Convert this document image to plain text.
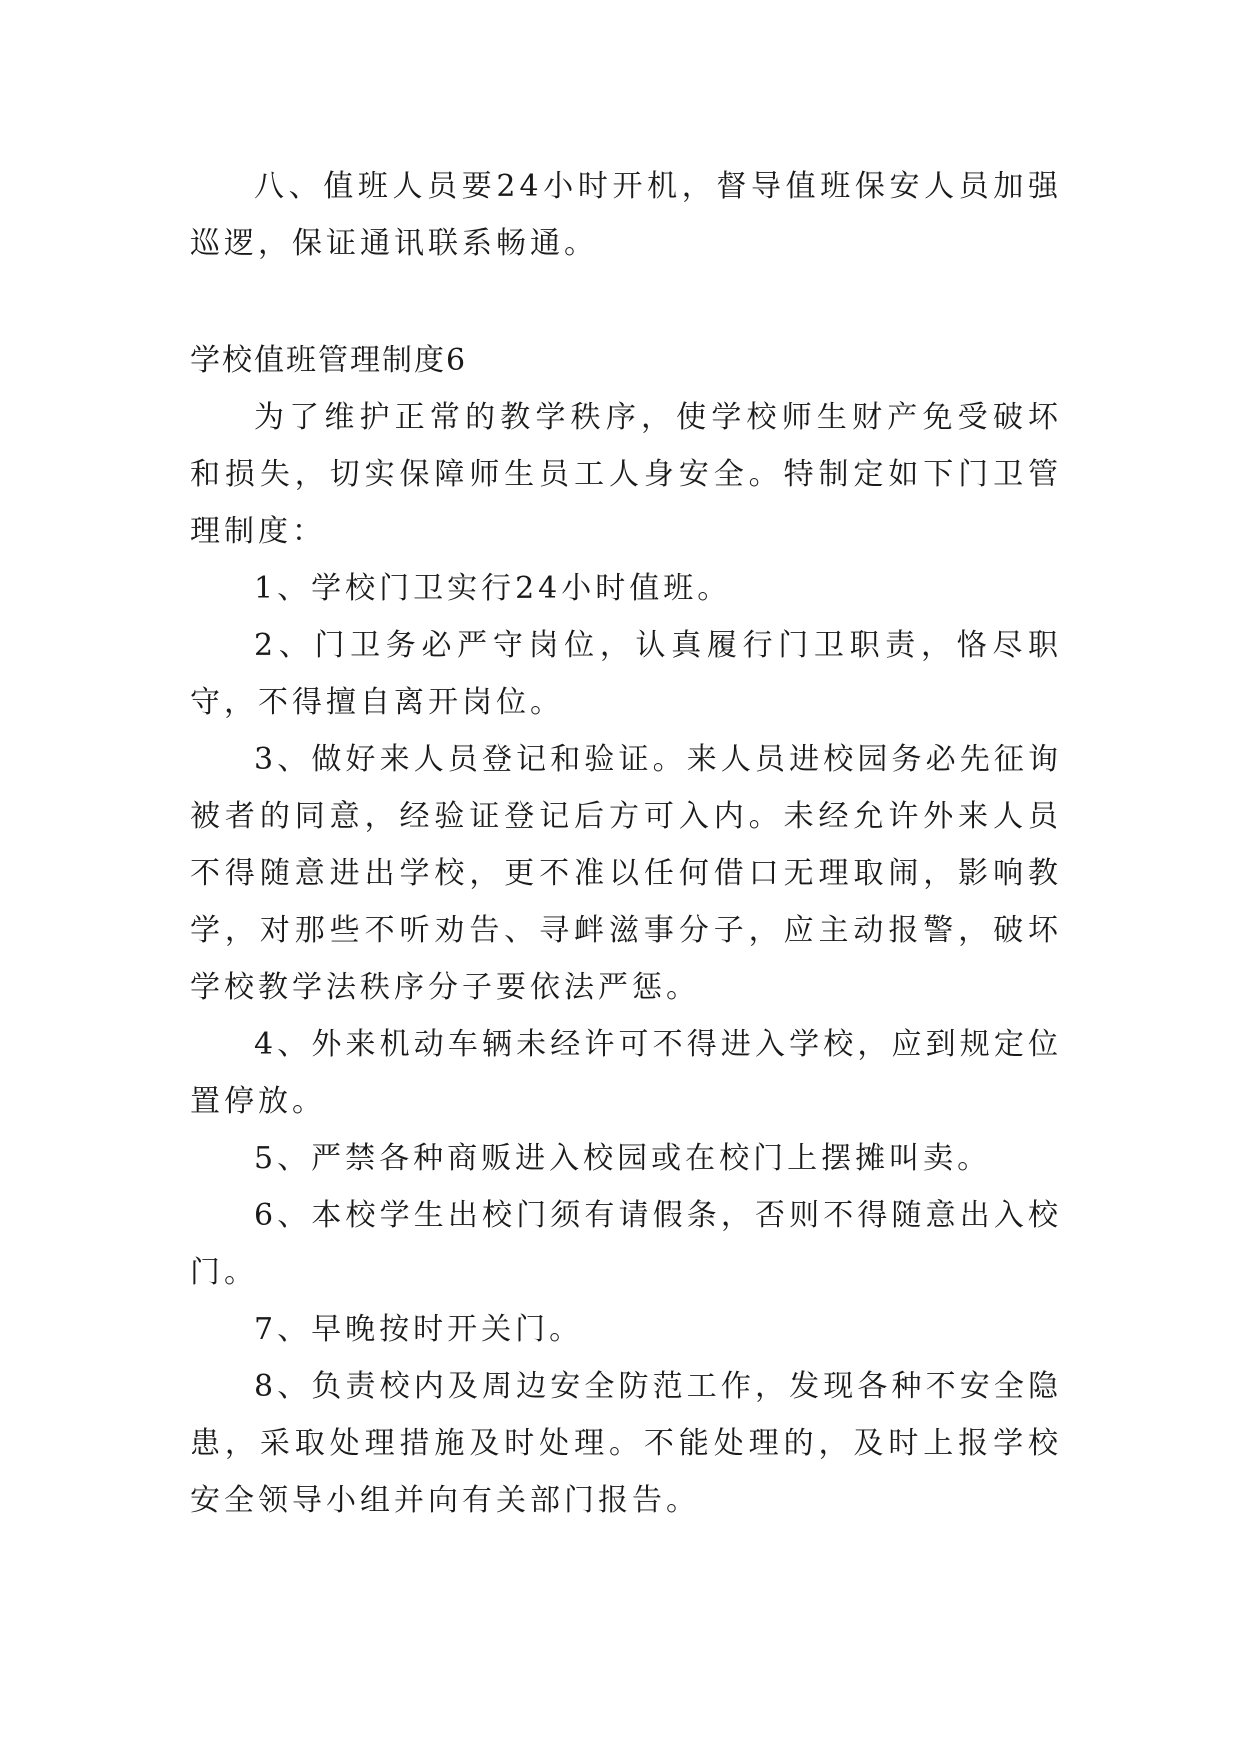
八、值班人员要24小时开机，督导值班保安人员加强巡逻，保证通讯联系畅通。

学校值班管理制度6

为了维护正常的教学秩序，使学校师生财产免受破坏和损失，切实保障师生员工人身安全。特制定如下门卫管理制度：

1、学校门卫实行24小时值班。

2、门卫务必严守岗位，认真履行门卫职责，恪尽职守，不得擅自离开岗位。

3、做好来人员登记和验证。来人员进校园务必先征询被者的同意，经验证登记后方可入内。未经允许外来人员不得随意进出学校，更不准以任何借口无理取闹，影响教学，对那些不听劝告、寻衅滋事分子，应主动报警，破坏学校教学法秩序分子要依法严惩。

4、外来机动车辆未经许可不得进入学校，应到规定位置停放。

5、严禁各种商贩进入校园或在校门上摆摊叫卖。

6、本校学生出校门须有请假条，否则不得随意出入校门。

7、早晚按时开关门。

8、负责校内及周边安全防范工作，发现各种不安全隐患，采取处理措施及时处理。不能处理的，及时上报学校安全领导小组并向有关部门报告。
